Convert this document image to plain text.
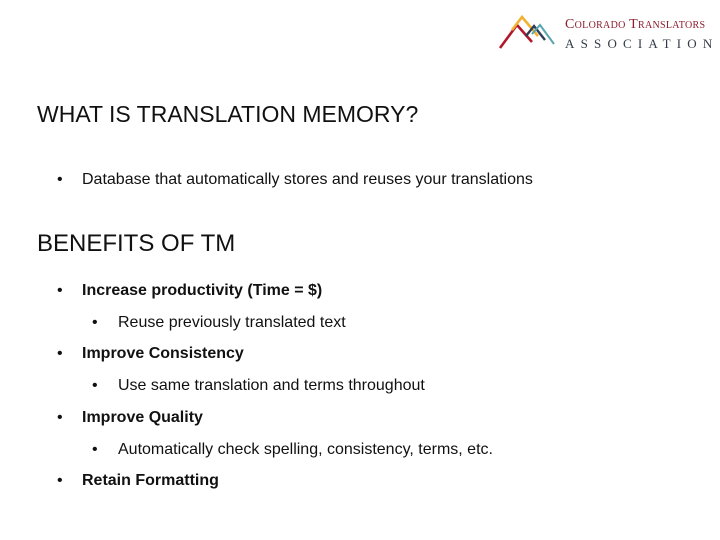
Colorado Translators
ASSOCIATION
WHAT IS TRANSLATION MEMORY?
• Database that automatically stores and reuses your translations
BENEFITS OF TM
• Increase productivity (Time = $)
• Reuse previously translated text
• Improve Consistency
• Use same translation and terms throughout
• Improve Quality
• Automatically check spelling, consistency, terms, etc.
• Retain Formatting
